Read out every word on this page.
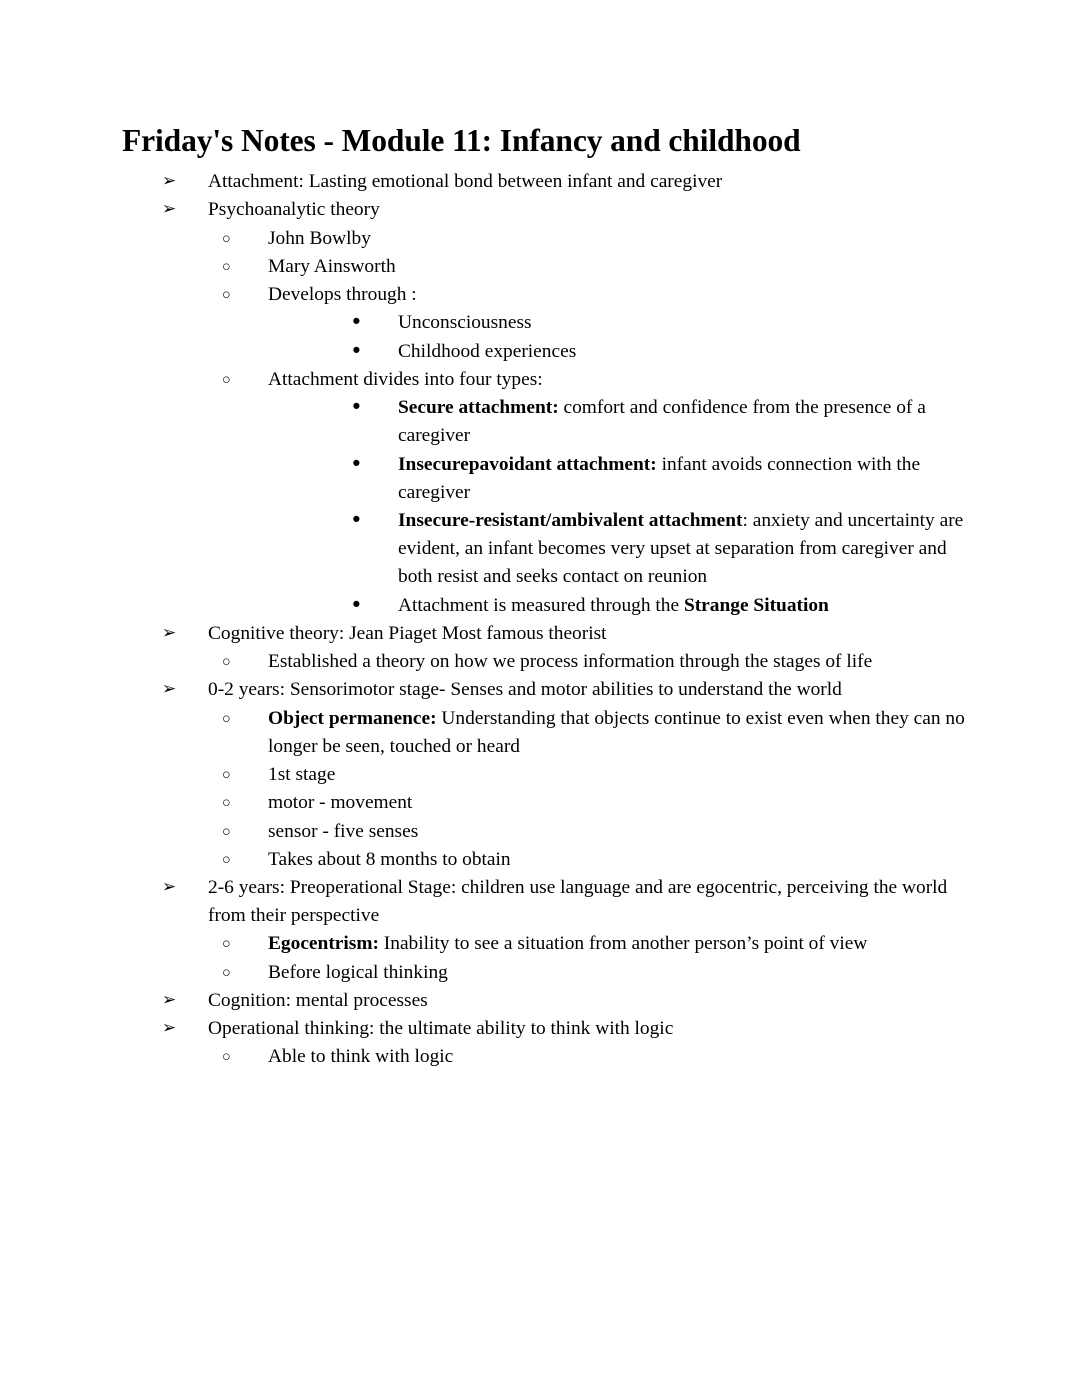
Friday's Notes - Module 11: Infancy and childhood
➢	Attachment: Lasting emotional bond between infant and caregiver
➢	Psychoanalytic theory
○	John Bowlby
○	Mary Ainsworth
○	Develops through :
●	Unconsciousness
●	Childhood experiences
○	Attachment divides into four types:
●	Secure attachment: comfort and confidence from the presence of a caregiver
●	Insecurepavoidant attachment: infant avoids connection with the caregiver
●	Insecure-resistant/ambivalent attachment: anxiety and uncertainty are evident, an infant becomes very upset at separation from caregiver and both resist and seeks contact on reunion
●	Attachment is measured through the Strange Situation
➢	Cognitive theory: Jean Piaget Most famous theorist
○	Established a theory on how we process information through the stages of life
➢	0-2 years: Sensorimotor stage- Senses and motor abilities to understand the world
○	Object permanence: Understanding that objects continue to exist even when they can no longer be seen, touched or heard
○	1st stage
○	motor - movement
○	sensor - five senses
○	Takes about 8 months to obtain
➢	2-6 years: Preoperational Stage: children use language and are egocentric, perceiving the world from their perspective
○	Egocentrism: Inability to see a situation from another person’s point of view
○	Before logical thinking
➢	Cognition: mental processes
➢	Operational thinking: the ultimate ability to think with logic
○	Able to think with logic
